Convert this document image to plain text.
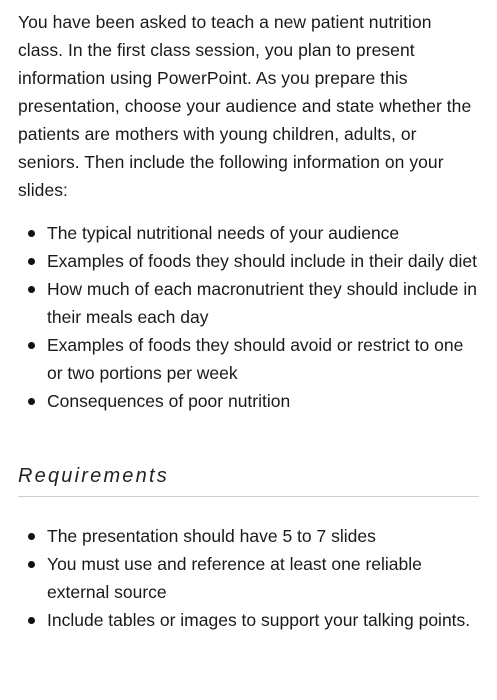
You have been asked to teach a new patient nutrition class. In the first class session, you plan to present information using PowerPoint. As you prepare this presentation, choose your audience and state whether the patients are mothers with young children, adults, or seniors. Then include the following information on your slides:

The typical nutritional needs of your audience
Examples of foods they should include in their daily diet
How much of each macronutrient they should include in their meals each day
Examples of foods they should avoid or restrict to one or two portions per week
Consequences of poor nutrition
Requirements
The presentation should have 5 to 7 slides
You must use and reference at least one reliable external source
Include tables or images to support your talking points.
